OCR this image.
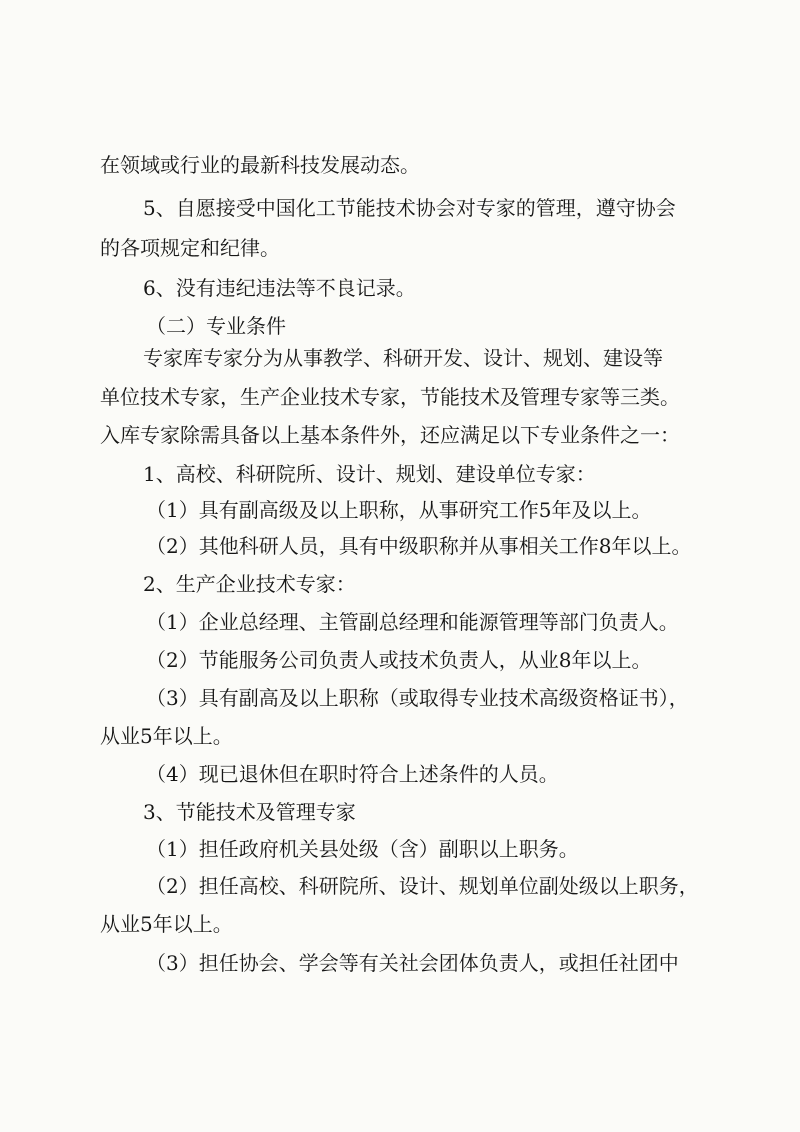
在领域或行业的最新科技发展动态。
5、自愿接受中国化工节能技术协会对专家的管理，遵守协会
的各项规定和纪律。
6、没有违纪违法等不良记录。
（二）专业条件
专家库专家分为从事教学、科研开发、设计、规划、建设等
单位技术专家，生产企业技术专家，节能技术及管理专家等三类。
入库专家除需具备以上基本条件外，还应满足以下专业条件之一：
1、高校、科研院所、设计、规划、建设单位专家：
（1）具有副高级及以上职称，从事研究工作5年及以上。
（2）其他科研人员，具有中级职称并从事相关工作8年以上。
2、生产企业技术专家：
（1）企业总经理、主管副总经理和能源管理等部门负责人。
（2）节能服务公司负责人或技术负责人，从业8年以上。
（3）具有副高及以上职称（或取得专业技术高级资格证书），
从业5年以上。
（4）现已退休但在职时符合上述条件的人员。
3、节能技术及管理专家
（1）担任政府机关县处级（含）副职以上职务。
（2）担任高校、科研院所、设计、规划单位副处级以上职务，
从业5年以上。
（3）担任协会、学会等有关社会团体负责人，或担任社团中
